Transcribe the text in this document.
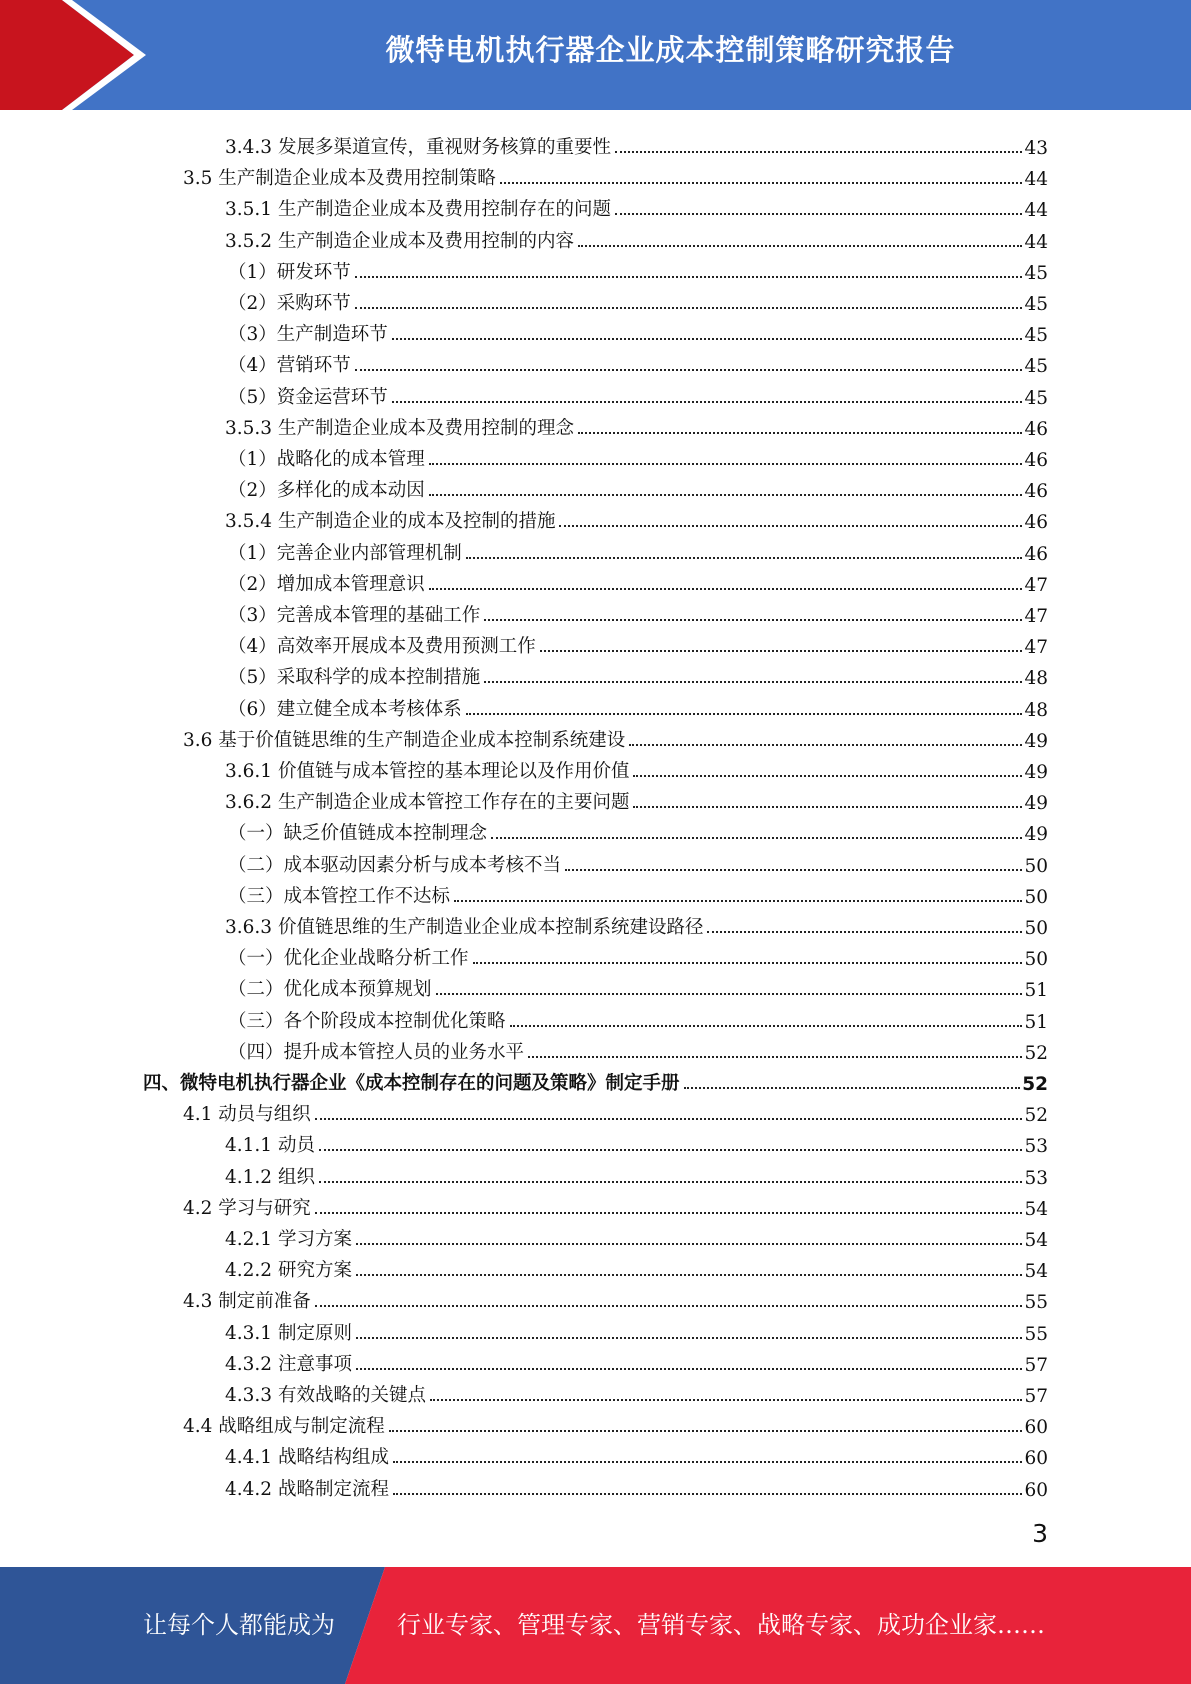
微特电机执行器企业成本控制策略研究报告
3.4.3 发展多渠道宣传，重视财务核算的重要性	43
3.5 生产制造企业成本及费用控制策略	44
3.5.1 生产制造企业成本及费用控制存在的问题	44
3.5.2 生产制造企业成本及费用控制的内容	44
（1）研发环节	45
（2）采购环节	45
（3）生产制造环节	45
（4）营销环节	45
（5）资金运营环节	45
3.5.3 生产制造企业成本及费用控制的理念	46
（1）战略化的成本管理	46
（2）多样化的成本动因	46
3.5.4 生产制造企业的成本及控制的措施	46
（1）完善企业内部管理机制	46
（2）增加成本管理意识	47
（3）完善成本管理的基础工作	47
（4）高效率开展成本及费用预测工作	47
（5）采取科学的成本控制措施	48
（6）建立健全成本考核体系	48
3.6 基于价值链思维的生产制造企业成本控制系统建设	49
3.6.1 价值链与成本管控的基本理论以及作用价值	49
3.6.2 生产制造企业成本管控工作存在的主要问题	49
（一）缺乏价值链成本控制理念	49
（二）成本驱动因素分析与成本考核不当	50
（三）成本管控工作不达标	50
3.6.3 价值链思维的生产制造业企业成本控制系统建设路径	50
（一）优化企业战略分析工作	50
（二）优化成本预算规划	51
（三）各个阶段成本控制优化策略	51
（四）提升成本管控人员的业务水平	52
四、微特电机执行器企业《成本控制存在的问题及策略》制定手册	52
4.1 动员与组织	52
4.1.1 动员	53
4.1.2 组织	53
4.2 学习与研究	54
4.2.1 学习方案	54
4.2.2 研究方案	54
4.3 制定前准备	55
4.3.1 制定原则	55
4.3.2 注意事项	57
4.3.3 有效战略的关键点	57
4.4 战略组成与制定流程	60
4.4.1 战略结构组成	60
4.4.2 战略制定流程	60
3
让每个人都能成为	行业专家、管理专家、营销专家、战略专家、成功企业家……
